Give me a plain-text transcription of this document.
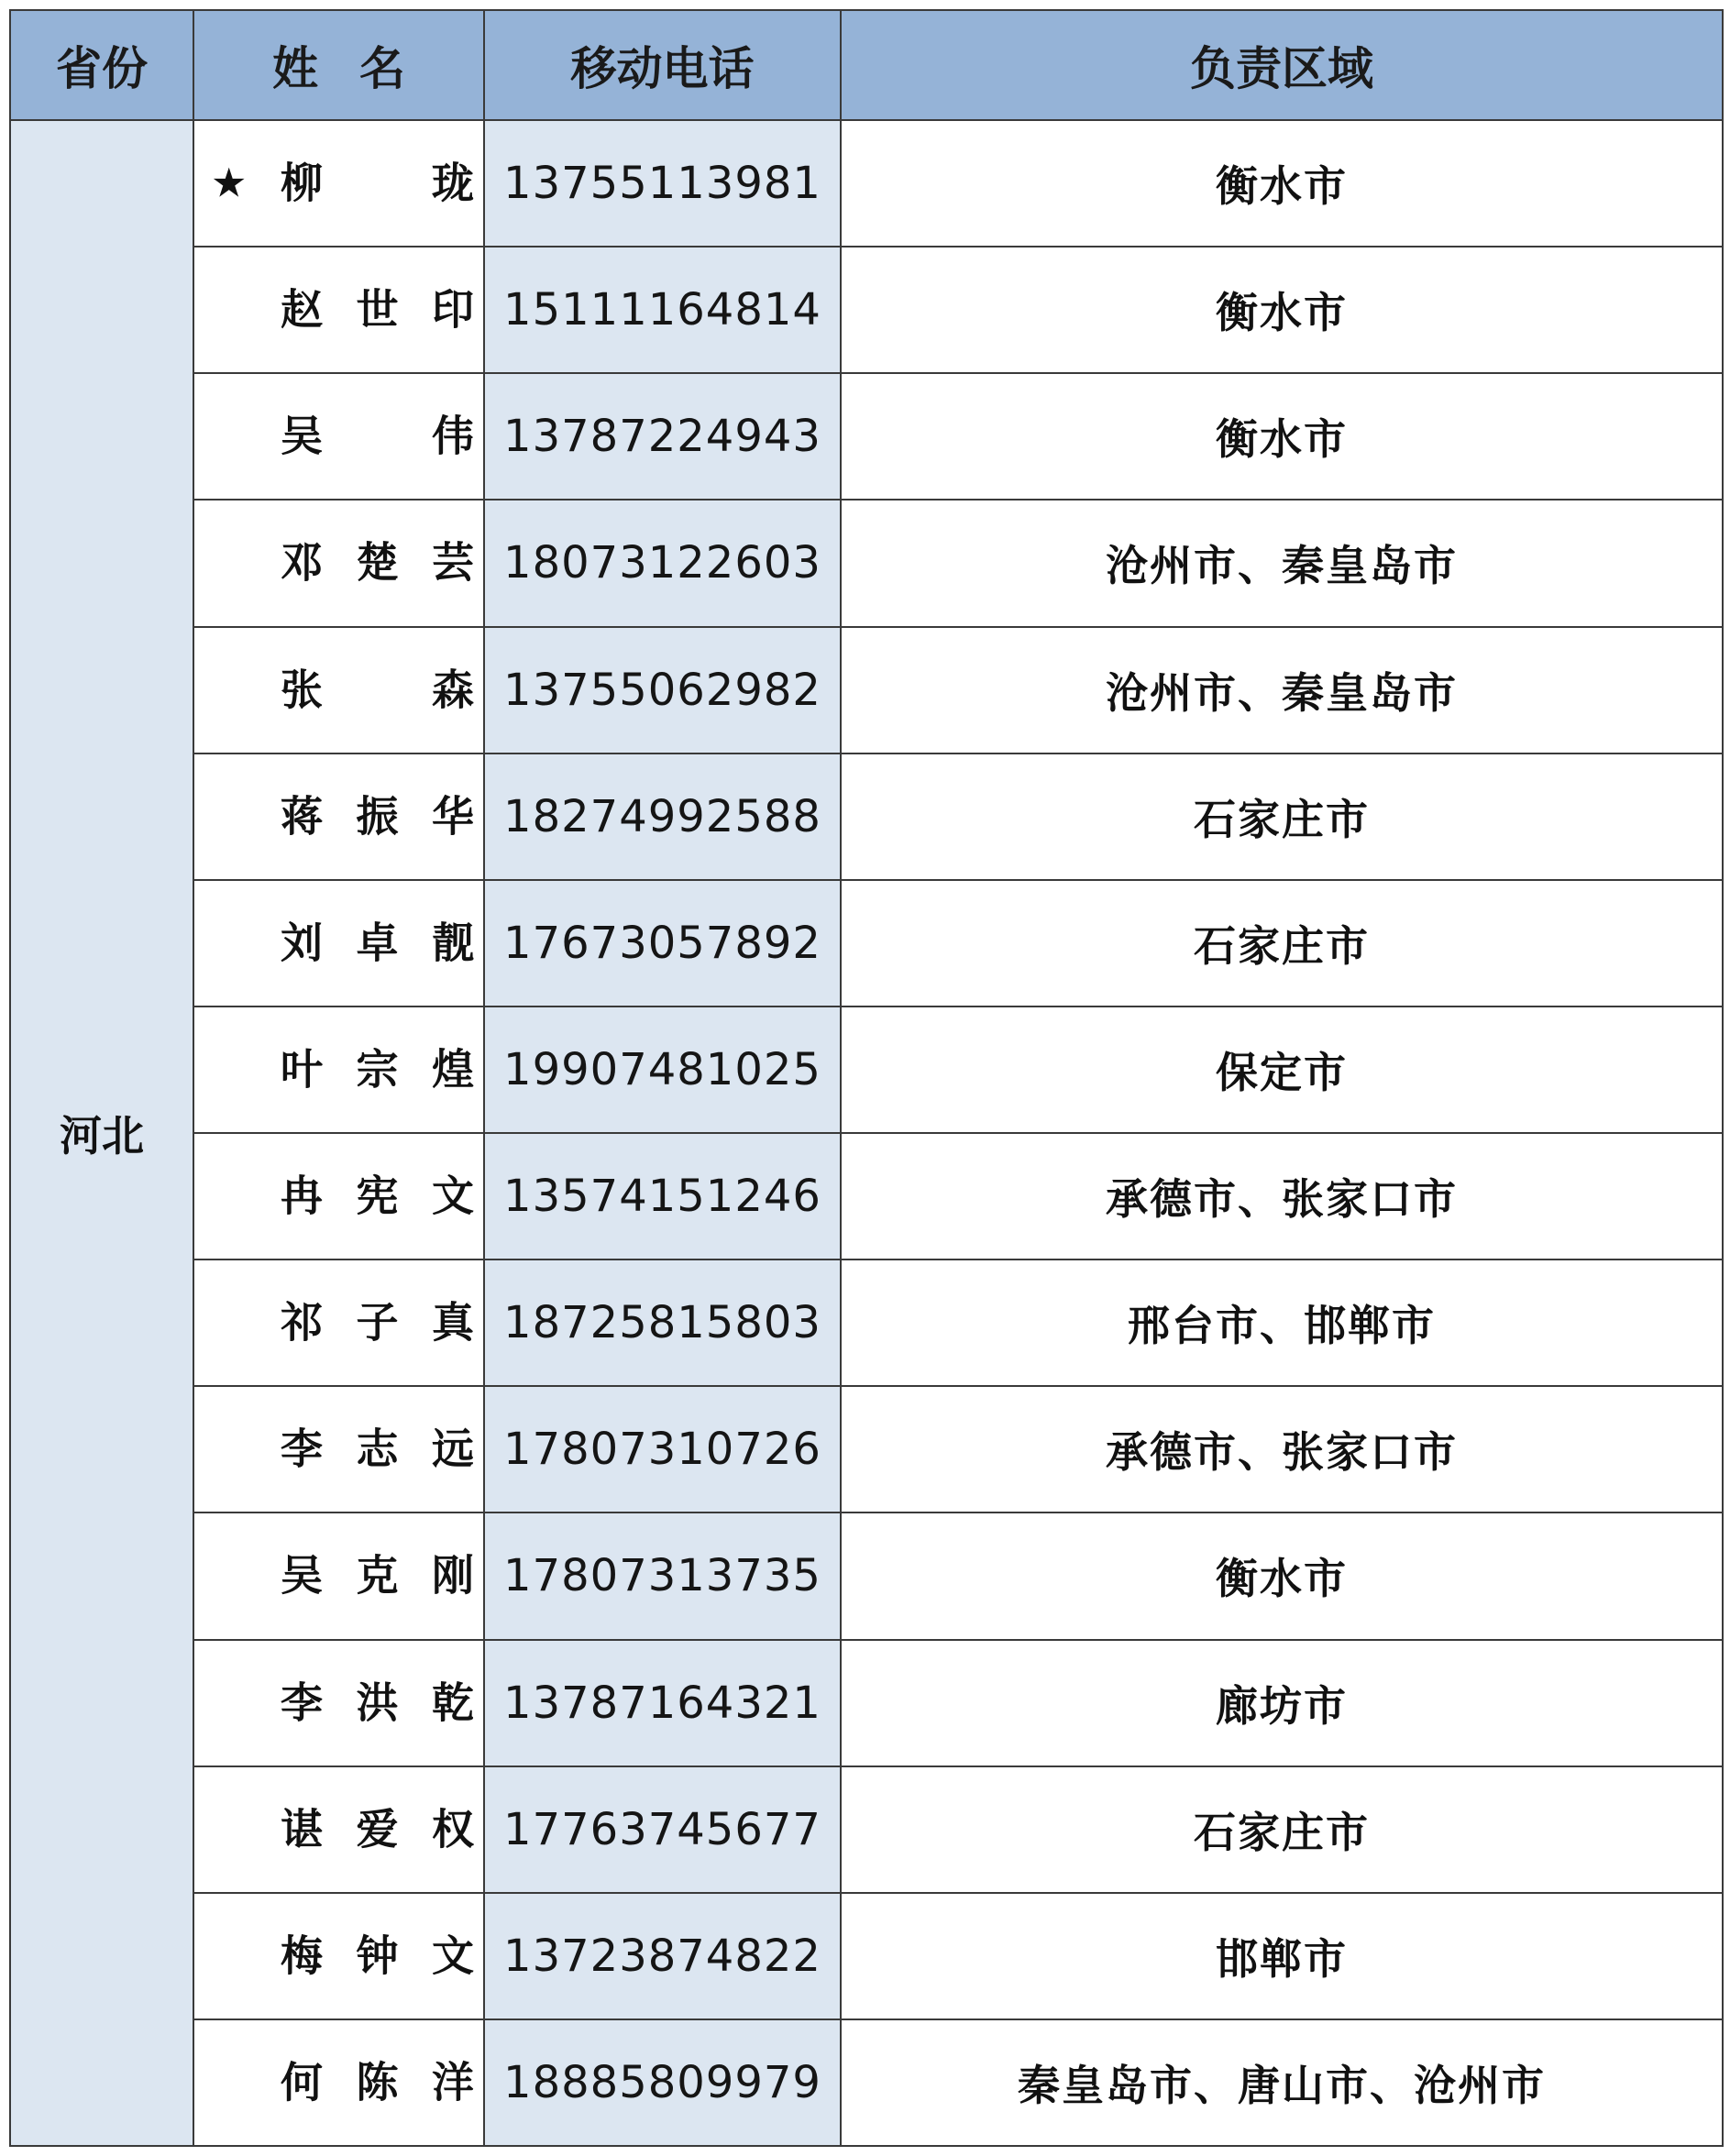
省份	姓名	移动电话	负责区域
河北	★ 柳 珑	13755113981	衡水市

	赵 世 印	15111164814	衡水市

	吴 伟	13787224943	衡水市

	邓 楚 芸	18073122603	沧州市、秦皇岛市

	张 森	13755062982	沧州市、秦皇岛市

	蒋 振 华	18274992588	石家庄市

	刘 卓 靓	17673057892	石家庄市

	叶 宗 煌	19907481025	保定市

	冉 宪 文	13574151246	承德市、张家口市

	祁 子 真	18725815803	邢台市、邯郸市

	李 志 远	17807310726	承德市、张家口市

	吴 克 刚	17807313735	衡水市

	李 洪 乾	13787164321	廊坊市

	谌 爱 权	17763745677	石家庄市

	梅 钟 文	13723874822	邯郸市

	何 陈 洋	18885809979	秦皇岛市、唐山市、沧州市
